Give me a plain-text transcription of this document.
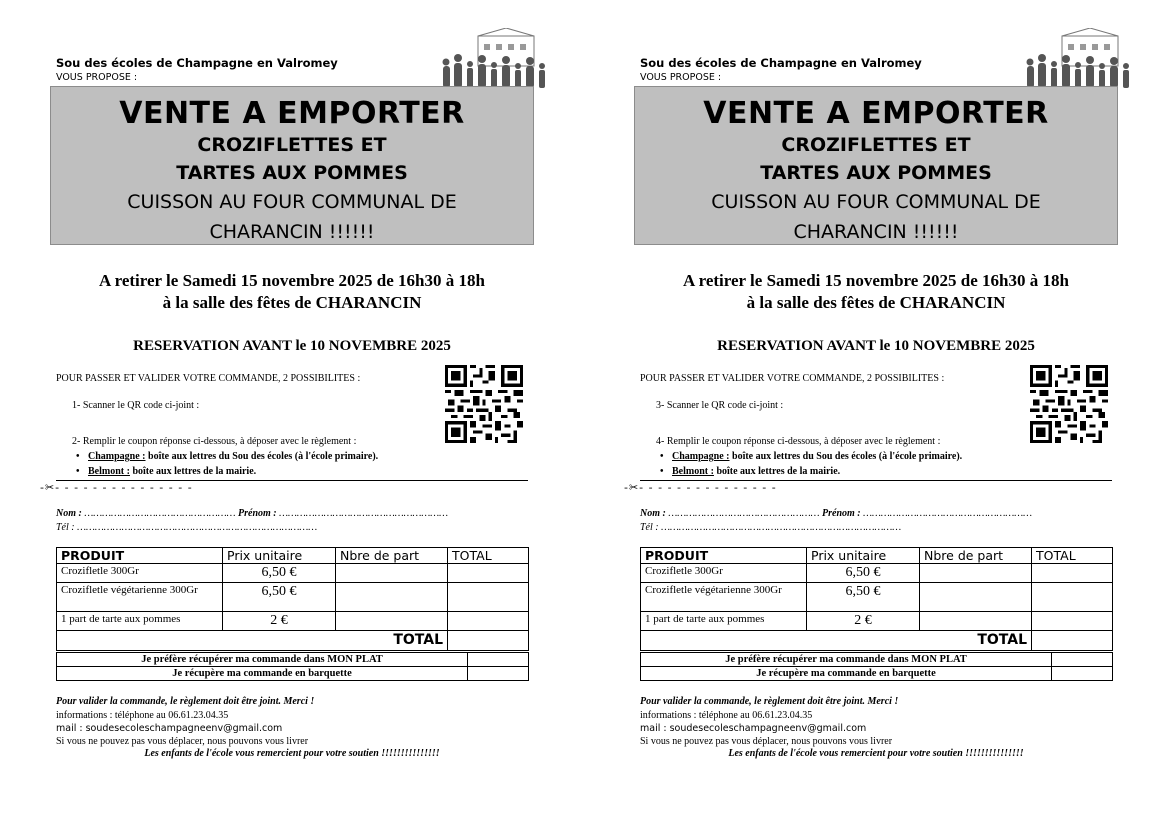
Sou des écoles de Champagne en Valromey
VOUS PROPOSE :
VENTE A EMPORTER
CROZIFLETTES ET
TARTES AUX POMMES
CUISSON AU FOUR COMMUNAL DE
CHARANCIN !!!!!!
A retirer le Samedi 15 novembre 2025 de 16h30 à 18h
à la salle des fêtes de CHARANCIN
RESERVATION AVANT le 10 NOVEMBRE 2025
POUR PASSER ET VALIDER VOTRE COMMANDE, 2 POSSIBILITES :
1- Scanner le QR code ci-joint :
2- Remplir le coupon réponse ci-dessous, à déposer avec le règlement :
• Champagne : boîte aux lettres du Sou des écoles (à l'école primaire).
• Belmont : boîte aux lettres de la mairie.
-✂- - - - - - - - - - - - - - -
Nom : …………………………………………… Prénom : …………………………………………………
Tél : ………………………………………………………………………
PRODUIT	Prix unitaire	Nbre de part	TOTAL
Crozifletle 300Gr	6,50 €		
Crozifletle végétarienne 300Gr	6,50 €		
1 part de tarte aux pommes	2 €		
TOTAL			
Je préfère récupérer ma commande dans MON PLAT	
Je récupère ma commande en barquette	
Pour valider la commande, le règlement doit être joint. Merci !
informations : téléphone au 06.61.23.04.35
mail : soudesecoleschampagneenv@gmail.com
Si vous ne pouvez pas vous déplacer, nous pouvons vous livrer
Les enfants de l'école vous remercient pour votre soutien !!!!!!!!!!!!!!!
Sou des écoles de Champagne en Valromey
VOUS PROPOSE :
VENTE A EMPORTER
CROZIFLETTES ET
TARTES AUX POMMES
CUISSON AU FOUR COMMUNAL DE
CHARANCIN !!!!!!
A retirer le Samedi 15 novembre 2025 de 16h30 à 18h
à la salle des fêtes de CHARANCIN
RESERVATION AVANT le 10 NOVEMBRE 2025
POUR PASSER ET VALIDER VOTRE COMMANDE, 2 POSSIBILITES :
3- Scanner le QR code ci-joint :
4- Remplir le coupon réponse ci-dessous, à déposer avec le règlement :
• Champagne : boîte aux lettres du Sou des écoles (à l'école primaire).
• Belmont : boîte aux lettres de la mairie.
-✂- - - - - - - - - - - - - - -
Nom : …………………………………………… Prénom : …………………………………………………
Tél : ………………………………………………………………………
PRODUIT	Prix unitaire	Nbre de part	TOTAL
Crozifletle 300Gr	6,50 €		
Crozifletle végétarienne 300Gr	6,50 €		
1 part de tarte aux pommes	2 €		
TOTAL			
Je préfère récupérer ma commande dans MON PLAT	
Je récupère ma commande en barquette	
Pour valider la commande, le règlement doit être joint. Merci !
informations : téléphone au 06.61.23.04.35
mail : soudesecoleschampagneenv@gmail.com
Si vous ne pouvez pas vous déplacer, nous pouvons vous livrer
Les enfants de l'école vous remercient pour votre soutien !!!!!!!!!!!!!!!
